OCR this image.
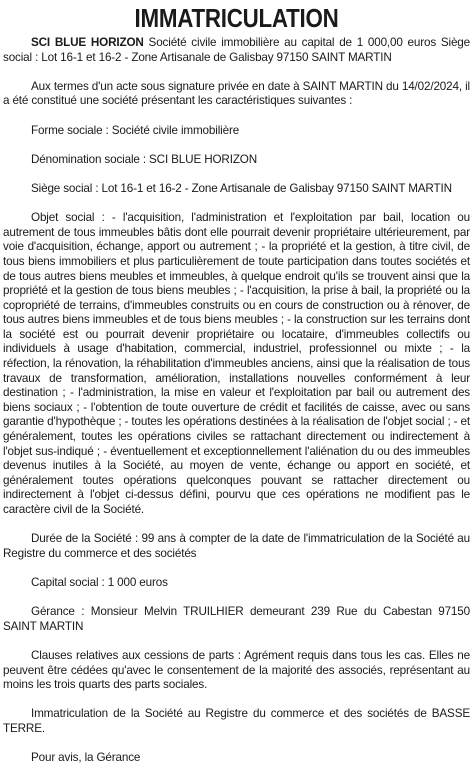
IMMATRICULATION

SCI BLUE HORIZON Société civile immobilière au capital de 1 000,00 euros Siège social : Lot 16-1 et 16-2 - Zone Artisanale de Galisbay 97150 SAINT MARTIN

Aux termes d'un acte sous signature privée en date à SAINT MARTIN du 14/02/2024, il a été constitué une société présentant les caractéristiques suivantes :

Forme sociale : Société civile immobilière

Dénomination sociale : SCI BLUE HORIZON

Siège social : Lot 16-1 et 16-2 - Zone Artisanale de Galisbay 97150 SAINT MARTIN

Objet social : - l'acquisition, l'administration et l'exploitation par bail, location ou autrement de tous immeubles bâtis dont elle pourrait devenir propriétaire ultérieurement, par voie d'acquisition, échange, apport ou autrement ; - la propriété et la gestion, à titre civil, de tous biens immobiliers et plus particulièrement de toute participation dans toutes sociétés et de tous autres biens meubles et immeubles, à quelque endroit qu'ils se trouvent ainsi que la propriété et la gestion de tous biens meubles ; - l'acquisition, la prise à bail, la propriété ou la copropriété de terrains, d'immeubles construits ou en cours de construction ou à rénover, de tous autres biens immeubles et de tous biens meubles ; - la construction sur les terrains dont la société est ou pourrait devenir propriétaire ou locataire, d'immeubles collectifs ou individuels à usage d'habitation, commercial, industriel, professionnel ou mixte ; - la réfection, la rénovation, la réhabilitation d'immeubles anciens, ainsi que la réalisation de tous travaux de transformation, amélioration, installations nouvelles conformément à leur destination ; - l'administration, la mise en valeur et l'exploitation par bail ou autrement des biens sociaux ; - l'obtention de toute ouverture de crédit et facilités de caisse, avec ou sans garantie d'hypothèque ; - toutes les opérations destinées à la réalisation de l'objet social ; - et généralement, toutes les opérations civiles se rattachant directement ou indirectement à l'objet sus-indiqué ; - éventuellement et exceptionnellement l'aliénation du ou des immeubles devenus inutiles à la Société, au moyen de vente, échange ou apport en société, et généralement toutes opérations quelconques pouvant se rattacher directement ou indirectement à l'objet ci-dessus défini, pourvu que ces opérations ne modifient pas le caractère civil de la Société.

Durée de la Société : 99 ans à compter de la date de l'immatriculation de la Société au Registre du commerce et des sociétés

Capital social : 1 000 euros

Gérance : Monsieur Melvin TRUILHIER demeurant 239 Rue du Cabestan 97150 SAINT MARTIN

Clauses relatives aux cessions de parts : Agrément requis dans tous les cas. Elles ne peuvent être cédées qu'avec le consentement de la majorité des associés, représentant au moins les trois quarts des parts sociales.

Immatriculation de la Société au Registre du commerce et des sociétés de BASSE TERRE.

Pour avis, la Gérance
